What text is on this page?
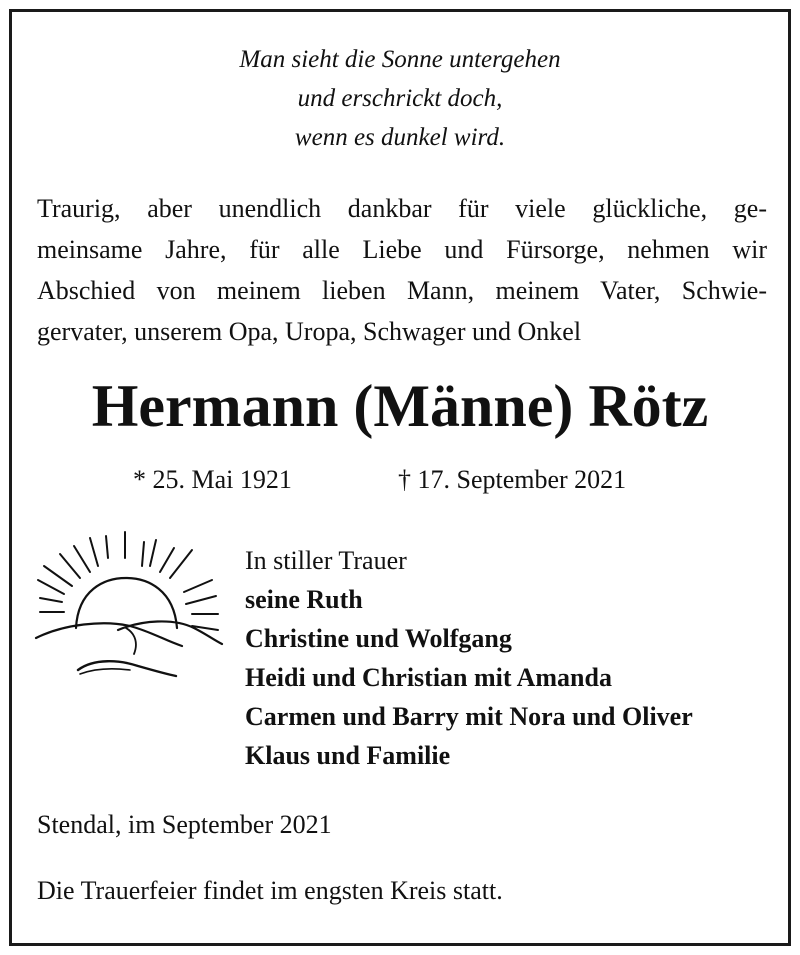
Man sieht die Sonne untergehen
und erschrickt doch,
wenn es dunkel wird.
Traurig, aber unendlich dankbar für viele glückliche, ge-
meinsame Jahre, für alle Liebe und Fürsorge, nehmen wir
Abschied von meinem lieben Mann, meinem Vater, Schwie-
gervater, unserem Opa, Uropa, Schwager und Onkel
Hermann (Männe) Rötz
* 25. Mai 1921	† 17. September 2021
In stiller Trauer
seine Ruth
Christine und Wolfgang
Heidi und Christian mit Amanda
Carmen und Barry mit Nora und Oliver
Klaus und Familie
Stendal, im September 2021
Die Trauerfeier findet im engsten Kreis statt.
